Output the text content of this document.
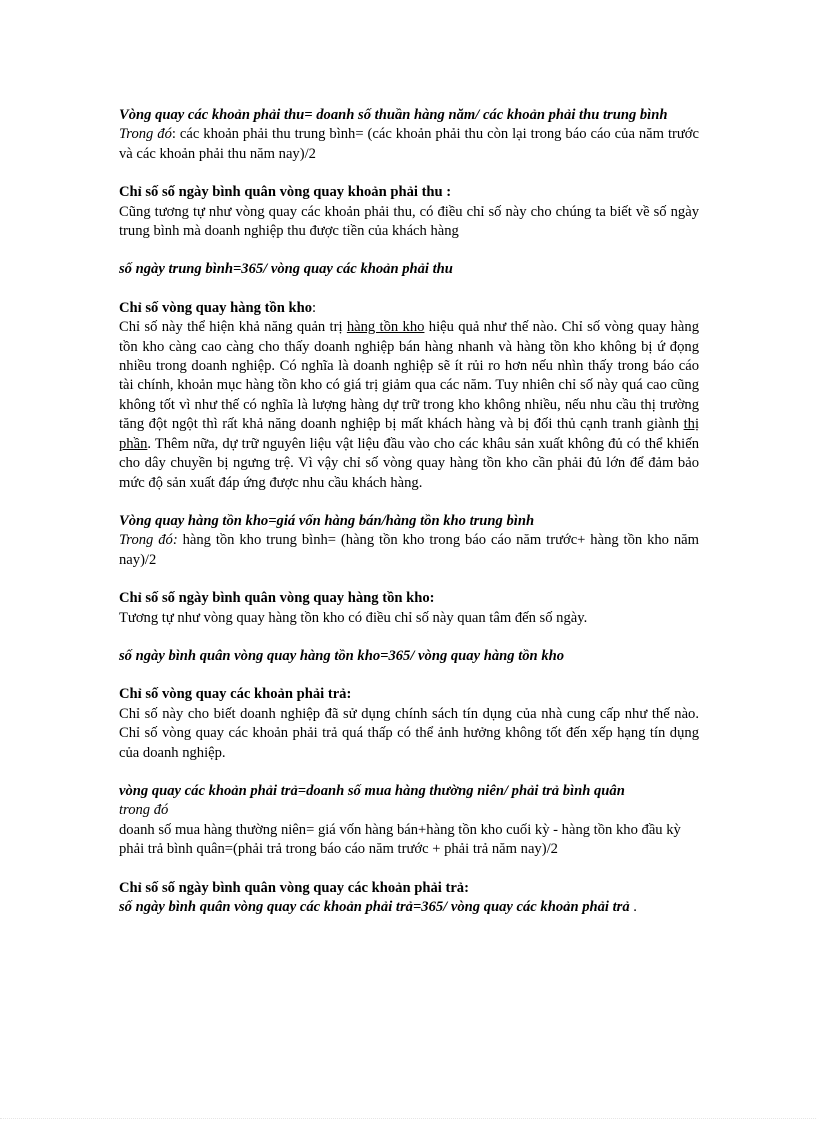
Vòng quay các khoản phải thu= doanh số thuần hàng năm/ các khoản phải thu trung bình

Trong đó: các khoản phải thu trung bình= (các khoản phải thu còn lại trong báo cáo của năm trước và các khoản phải thu năm nay)/2

Chỉ số số ngày bình quân vòng quay khoản phải thu :

Cũng tương tự như vòng quay các khoản phải thu, có điều chỉ số này cho chúng ta biết về số ngày trung bình mà doanh nghiệp thu được tiền của khách hàng

số ngày trung bình=365/ vòng quay các khoản phải thu

Chỉ số vòng quay hàng tồn kho:

Chỉ số này thể hiện khả năng quản trị hàng tồn kho hiệu quả như thế nào. Chỉ số vòng quay hàng tồn kho càng cao càng cho thấy doanh nghiệp bán hàng nhanh và hàng tồn kho không bị ứ đọng nhiều trong doanh nghiệp. Có nghĩa là doanh nghiệp sẽ ít rủi ro hơn nếu nhìn thấy trong báo cáo tài chính, khoản mục hàng tồn kho có giá trị giảm qua các năm. Tuy nhiên chỉ số này quá cao cũng không tốt vì như thế có nghĩa là lượng hàng dự trữ trong kho không nhiều, nếu nhu cầu thị trường tăng đột ngột thì rất khả năng doanh nghiệp bị mất khách hàng và bị đối thủ cạnh tranh giành thị phần. Thêm nữa, dự trữ nguyên liệu vật liệu đầu vào cho các khâu sản xuất không đủ có thể khiến cho dây chuyền bị ngưng trệ. Vì vậy chỉ số vòng quay hàng tồn kho cần phải đủ lớn để đảm bảo mức độ sản xuất đáp ứng được nhu cầu khách hàng.

Vòng quay hàng tồn kho=giá vốn hàng bán/hàng tồn kho trung bình

Trong đó: hàng tồn kho trung bình= (hàng tồn kho trong báo cáo năm trước+ hàng tồn kho năm nay)/2

Chỉ số số ngày bình quân vòng quay hàng tồn kho:

Tương tự như vòng quay hàng tồn kho có điều chỉ số này quan tâm đến số ngày.

số ngày bình quân vòng quay hàng tồn kho=365/ vòng quay hàng tồn kho

Chỉ số vòng quay các khoản phải trả:

Chỉ số này cho biết doanh nghiệp đã sử dụng chính sách tín dụng của nhà cung cấp như thế nào. Chỉ số vòng quay các khoản phải trả quá thấp có thể ảnh hưởng không tốt đến xếp hạng tín dụng của doanh nghiệp.

vòng quay các khoản phải trả=doanh số mua hàng thường niên/ phải trả bình quân

trong đó

doanh số mua hàng thường niên= giá vốn hàng bán+hàng tồn kho cuối kỳ - hàng tồn kho đầu kỳ

phải trả bình quân=(phải trả trong báo cáo năm trước + phải trả năm nay)/2

Chỉ số số ngày bình quân vòng quay các khoản phải trả:

số ngày bình quân vòng quay các khoản phải trả=365/ vòng quay các khoản phải trả .
